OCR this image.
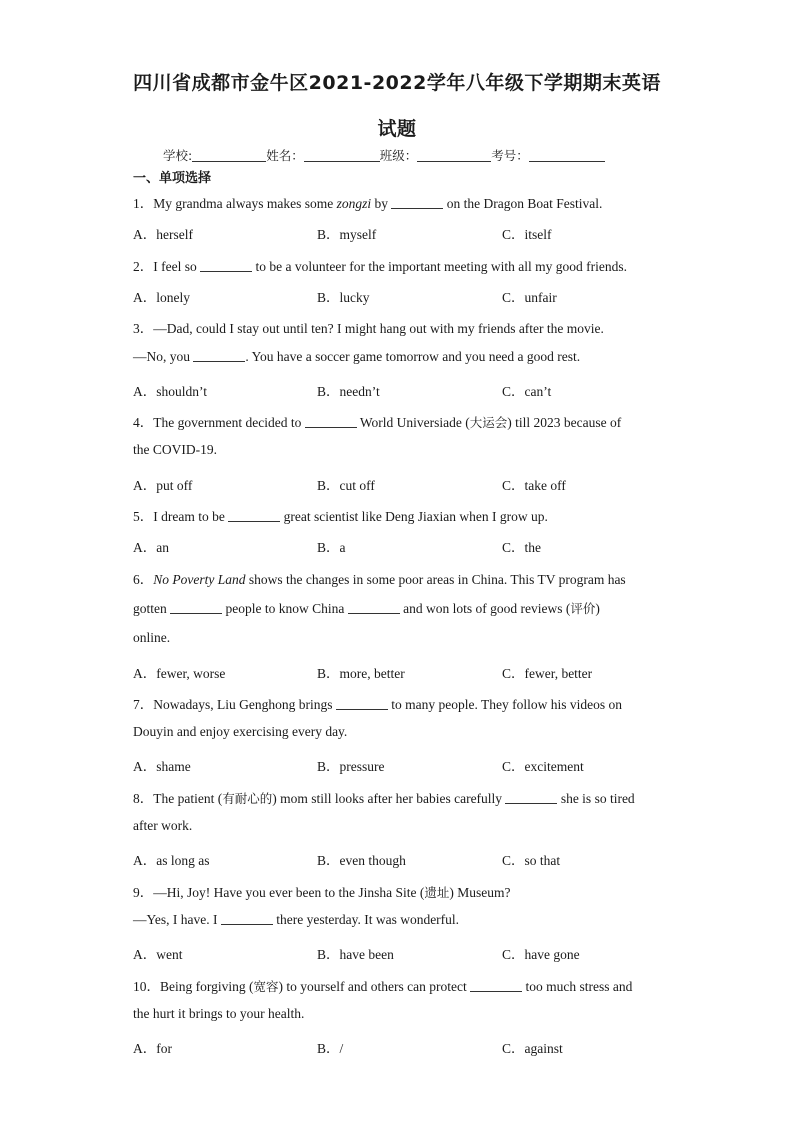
四川省成都市金牛区2021-2022学年八年级下学期期末英语
试题
学校:	姓名：	班级：	考号：
一、单项选择
1．My grandma always makes some zongzi by	on the Dragon Boat Festival.
A．herself	B．myself	C．itself
2．I feel so	to be a volunteer for the important meeting with all my good friends.
A．lonely	B．lucky	C．unfair
3．—Dad, could I stay out until ten? I might hang out with my friends after the movie.
—No, you	. You have a soccer game tomorrow and you need a good rest.
A．shouldn’t	B．needn’t	C．can’t
4．The government decided to	World Universiade (大运会) till 2023 because of
the COVID-19.
A．put off	B．cut off	C．take off
5．I dream to be	great scientist like Deng Jiaxian when I grow up.
A．an	B．a	C．the
6．No Poverty Land shows the changes in some poor areas in China. This TV program has
gotten	people to know China	and won lots of good reviews (评价)
online.
A．fewer, worse	B．more, better	C．fewer, better
7．Nowadays, Liu Genghong brings	to many people. They follow his videos on
Douyin and enjoy exercising every day.
A．shame	B．pressure	C．excitement
8．The patient (有耐心的) mom still looks after her babies carefully	she is so tired
after work.
A．as long as	B．even though	C．so that
9．—Hi, Joy! Have you ever been to the Jinsha Site (遗址) Museum?
—Yes, I have. I	there yesterday. It was wonderful.
A．went	B．have been	C．have gone
10．Being forgiving (宽容) to yourself and others can protect	too much stress and
the hurt it brings to your health.
A．for	B．/	C．against
